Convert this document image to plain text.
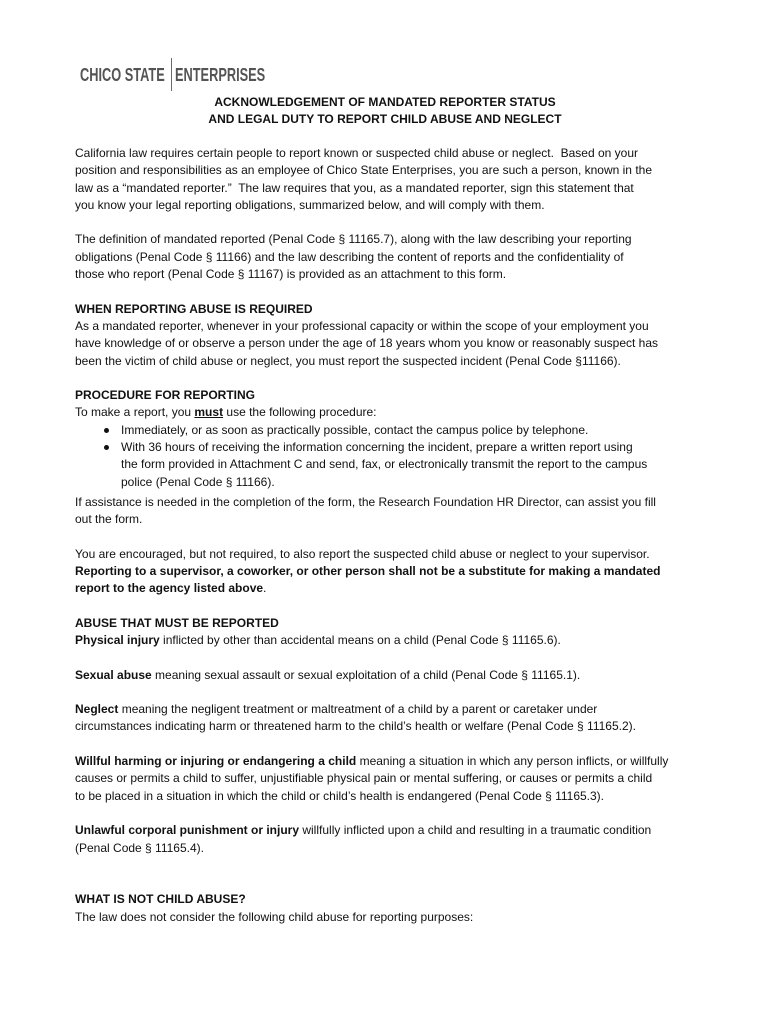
CHICO STATE ENTERPRISES
ACKNOWLEDGEMENT OF MANDATED REPORTER STATUS
AND LEGAL DUTY TO REPORT CHILD ABUSE AND NEGLECT
California law requires certain people to report known or suspected child abuse or neglect.  Based on your
position and responsibilities as an employee of Chico State Enterprises, you are such a person, known in the
law as a “mandated reporter.”  The law requires that you, as a mandated reporter, sign this statement that
you know your legal reporting obligations, summarized below, and will comply with them.
The definition of mandated reported (Penal Code § 11165.7), along with the law describing your reporting
obligations (Penal Code § 11166) and the law describing the content of reports and the confidentiality of
those who report (Penal Code § 11167) is provided as an attachment to this form.
WHEN REPORTING ABUSE IS REQUIRED
As a mandated reporter, whenever in your professional capacity or within the scope of your employment you
have knowledge of or observe a person under the age of 18 years whom you know or reasonably suspect has
been the victim of child abuse or neglect, you must report the suspected incident (Penal Code §11166).
PROCEDURE FOR REPORTING
To make a report, you must use the following procedure:
Immediately, or as soon as practically possible, contact the campus police by telephone.
With 36 hours of receiving the information concerning the incident, prepare a written report using
the form provided in Attachment C and send, fax, or electronically transmit the report to the campus
police (Penal Code § 11166).
If assistance is needed in the completion of the form, the Research Foundation HR Director, can assist you fill
out the form.
You are encouraged, but not required, to also report the suspected child abuse or neglect to your supervisor.
Reporting to a supervisor, a coworker, or other person shall not be a substitute for making a mandated
report to the agency listed above.
ABUSE THAT MUST BE REPORTED
Physical injury inflicted by other than accidental means on a child (Penal Code § 11165.6).
Sexual abuse meaning sexual assault or sexual exploitation of a child (Penal Code § 11165.1).
Neglect meaning the negligent treatment or maltreatment of a child by a parent or caretaker under
circumstances indicating harm or threatened harm to the child’s health or welfare (Penal Code § 11165.2).
Willful harming or injuring or endangering a child meaning a situation in which any person inflicts, or willfully
causes or permits a child to suffer, unjustifiable physical pain or mental suffering, or causes or permits a child
to be placed in a situation in which the child or child’s health is endangered (Penal Code § 11165.3).
Unlawful corporal punishment or injury willfully inflicted upon a child and resulting in a traumatic condition
(Penal Code § 11165.4).
WHAT IS NOT CHILD ABUSE?
The law does not consider the following child abuse for reporting purposes:
